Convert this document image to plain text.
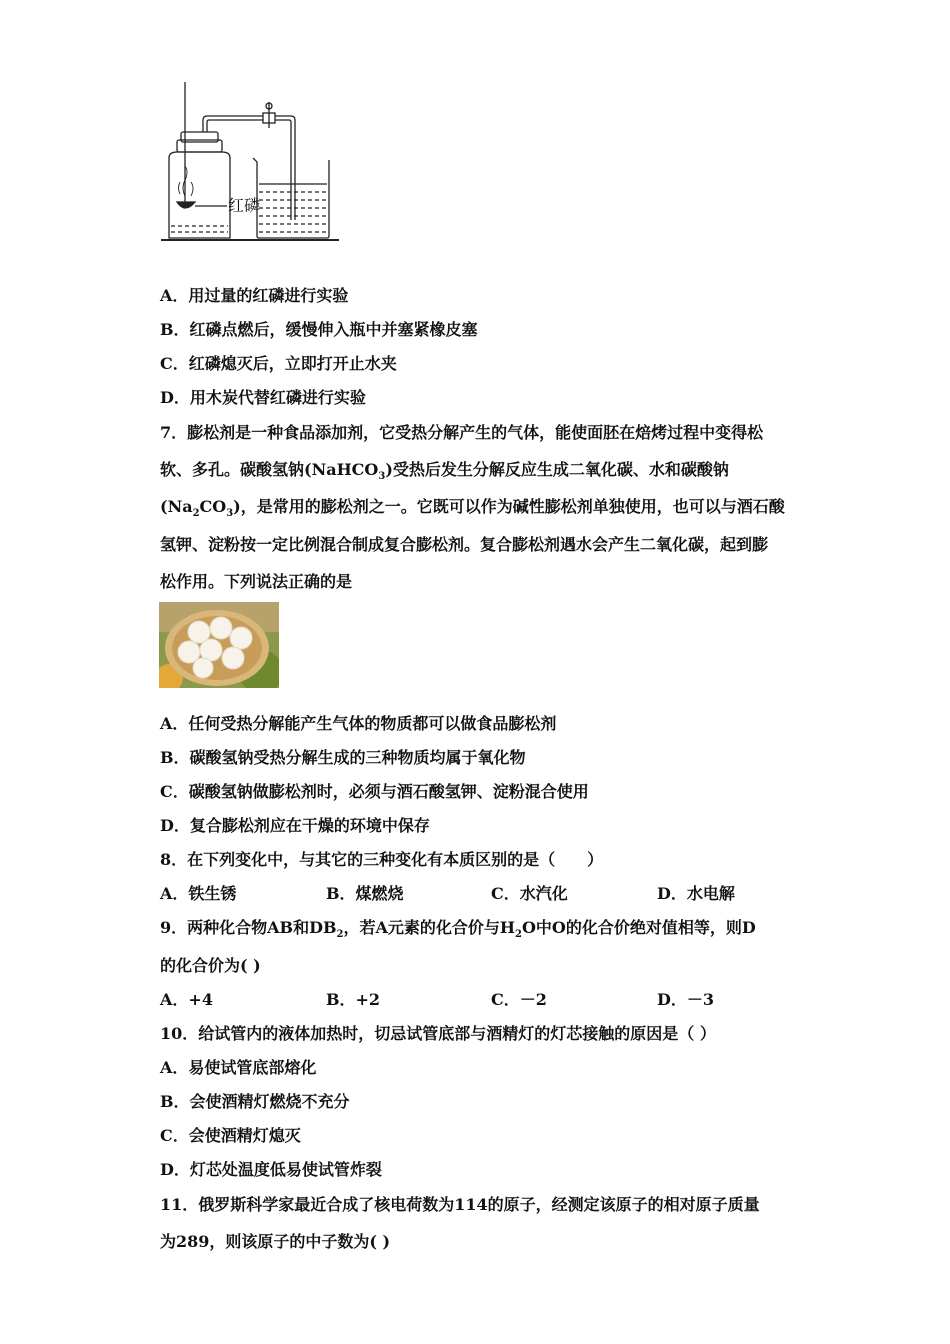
红磷
A．用过量的红磷进行实验
B．红磷点燃后，缓慢伸入瓶中并塞紧橡皮塞
C．红磷熄灭后，立即打开止水夹
D．用木炭代替红磷进行实验
7．膨松剂是一种食品添加剂，它受热分解产生的气体，能使面胚在焙烤过程中变得松
软、多孔。碳酸氢钠(NaHCO$_3$)受热后发生分解反应生成二氧化碳、水和碳酸钠
$(Na_2CO_3)$，是常用的膨松剂之一。它既可以作为碱性膨松剂单独使用，也可以与酒石酸
氢钾、淀粉按一定比例混合制成复合膨松剂。复合膨松剂遇水会产生二氧化碳，起到膨
松作用。下列说法正确的是
A．任何受热分解能产生气体的物质都可以做食品膨松剂
B．碳酸氢钠受热分解生成的三种物质均属于氧化物
C．碳酸氢钠做膨松剂时，必须与酒石酸氢钾、淀粉混合使用
D．复合膨松剂应在干燥的环境中保存
8．在下列变化中，与其它的三种变化有本质区别的是（　　）
A．铁生锈	B．煤燃烧	C．水汽化	D．水电解
9．两种化合物AB和$DB_2$，若A元素的化合价与$H_2O$中O的化合价绝对值相等，则D
的化合价为( )
A．+4	B．+2	C．－2	D．－3
10．给试管内的液体加热时，切忌试管底部与酒精灯的灯芯接触的原因是（ ）
A．易使试管底部熔化
B．会使酒精灯燃烧不充分
C．会使酒精灯熄灭
D．灯芯处温度低易使试管炸裂
11．俄罗斯科学家最近合成了核电荷数为114的原子，经测定该原子的相对原子质量
为289，则该原子的中子数为( )
